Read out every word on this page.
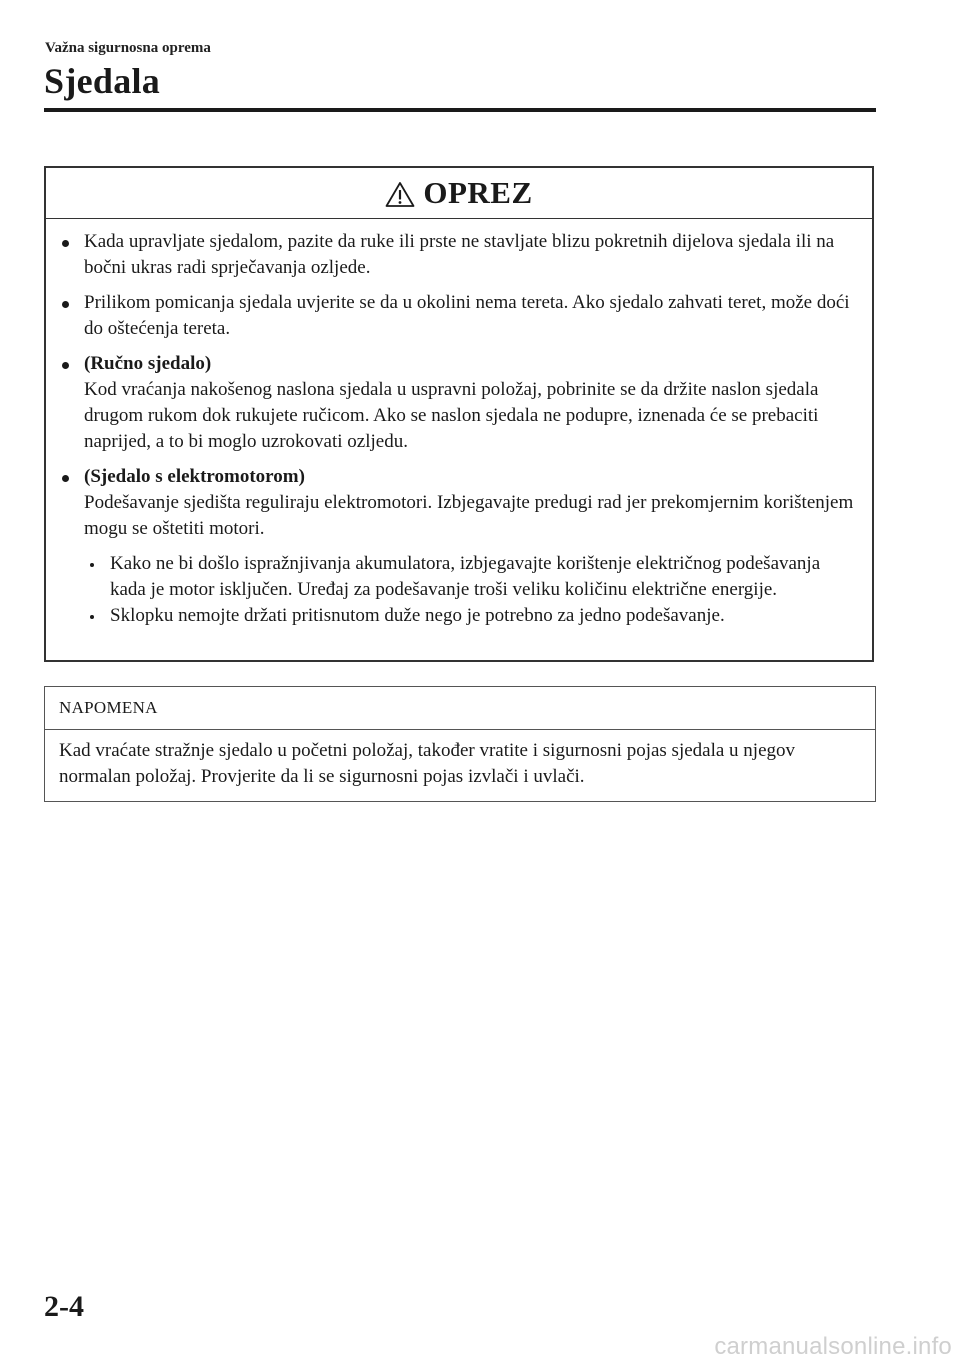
Važna sigurnosna oprema
Sjedala
OPREZ
Kada upravljate sjedalom, pazite da ruke ili prste ne stavljate blizu pokretnih dijelova sjedala ili na bočni ukras radi sprječavanja ozljede.
Prilikom pomicanja sjedala uvjerite se da u okolini nema tereta. Ako sjedalo zahvati teret, može doći do oštećenja tereta.
(Ručno sjedalo)
Kod vraćanja nakošenog naslona sjedala u uspravni položaj, pobrinite se da držite naslon sjedala drugom rukom dok rukujete ručicom. Ako se naslon sjedala ne podupre, iznenada će se prebaciti naprijed, a to bi moglo uzrokovati ozljedu.
(Sjedalo s elektromotorom)
Podešavanje sjedišta reguliraju elektromotori. Izbjegavajte predugi rad jer prekomjernim korištenjem mogu se oštetiti motori.
Kako ne bi došlo ispražnjivanja akumulatora, izbjegavajte korištenje električnog podešavanja kada je motor isključen. Uređaj za podešavanje troši veliku količinu električne energije.
Sklopku nemojte držati pritisnutom duže nego je potrebno za jedno podešavanje.
NAPOMENA
Kad vraćate stražnje sjedalo u početni položaj, također vratite i sigurnosni pojas sjedala u njegov normalan položaj. Provjerite da li se sigurnosni pojas izvlači i uvlači.
2-4
carmanualsonline.info
